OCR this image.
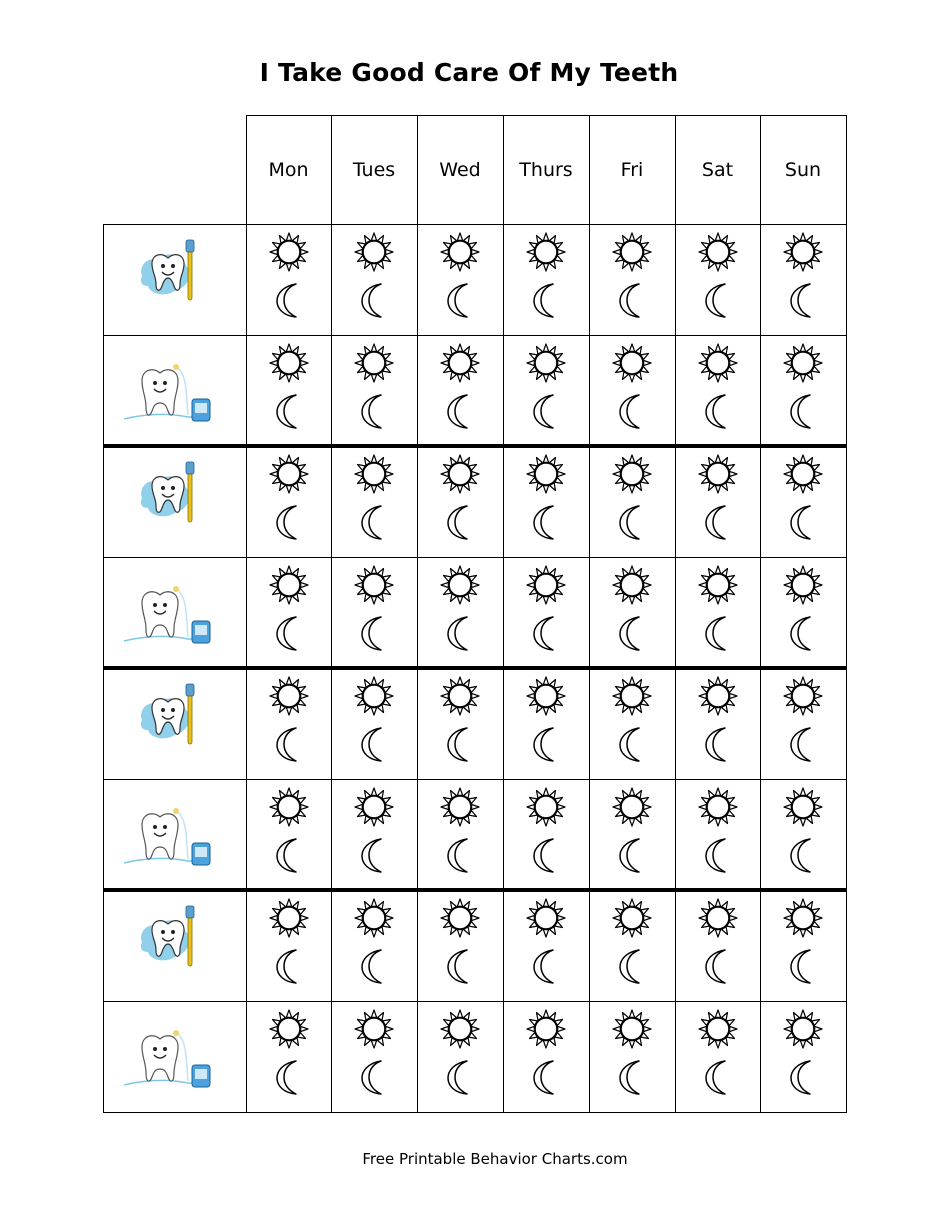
I Take Good Care Of My Teeth
Mon	Tues	Wed	Thurs	Fri	Sat	Sun
Free Printable Behavior Charts.com
